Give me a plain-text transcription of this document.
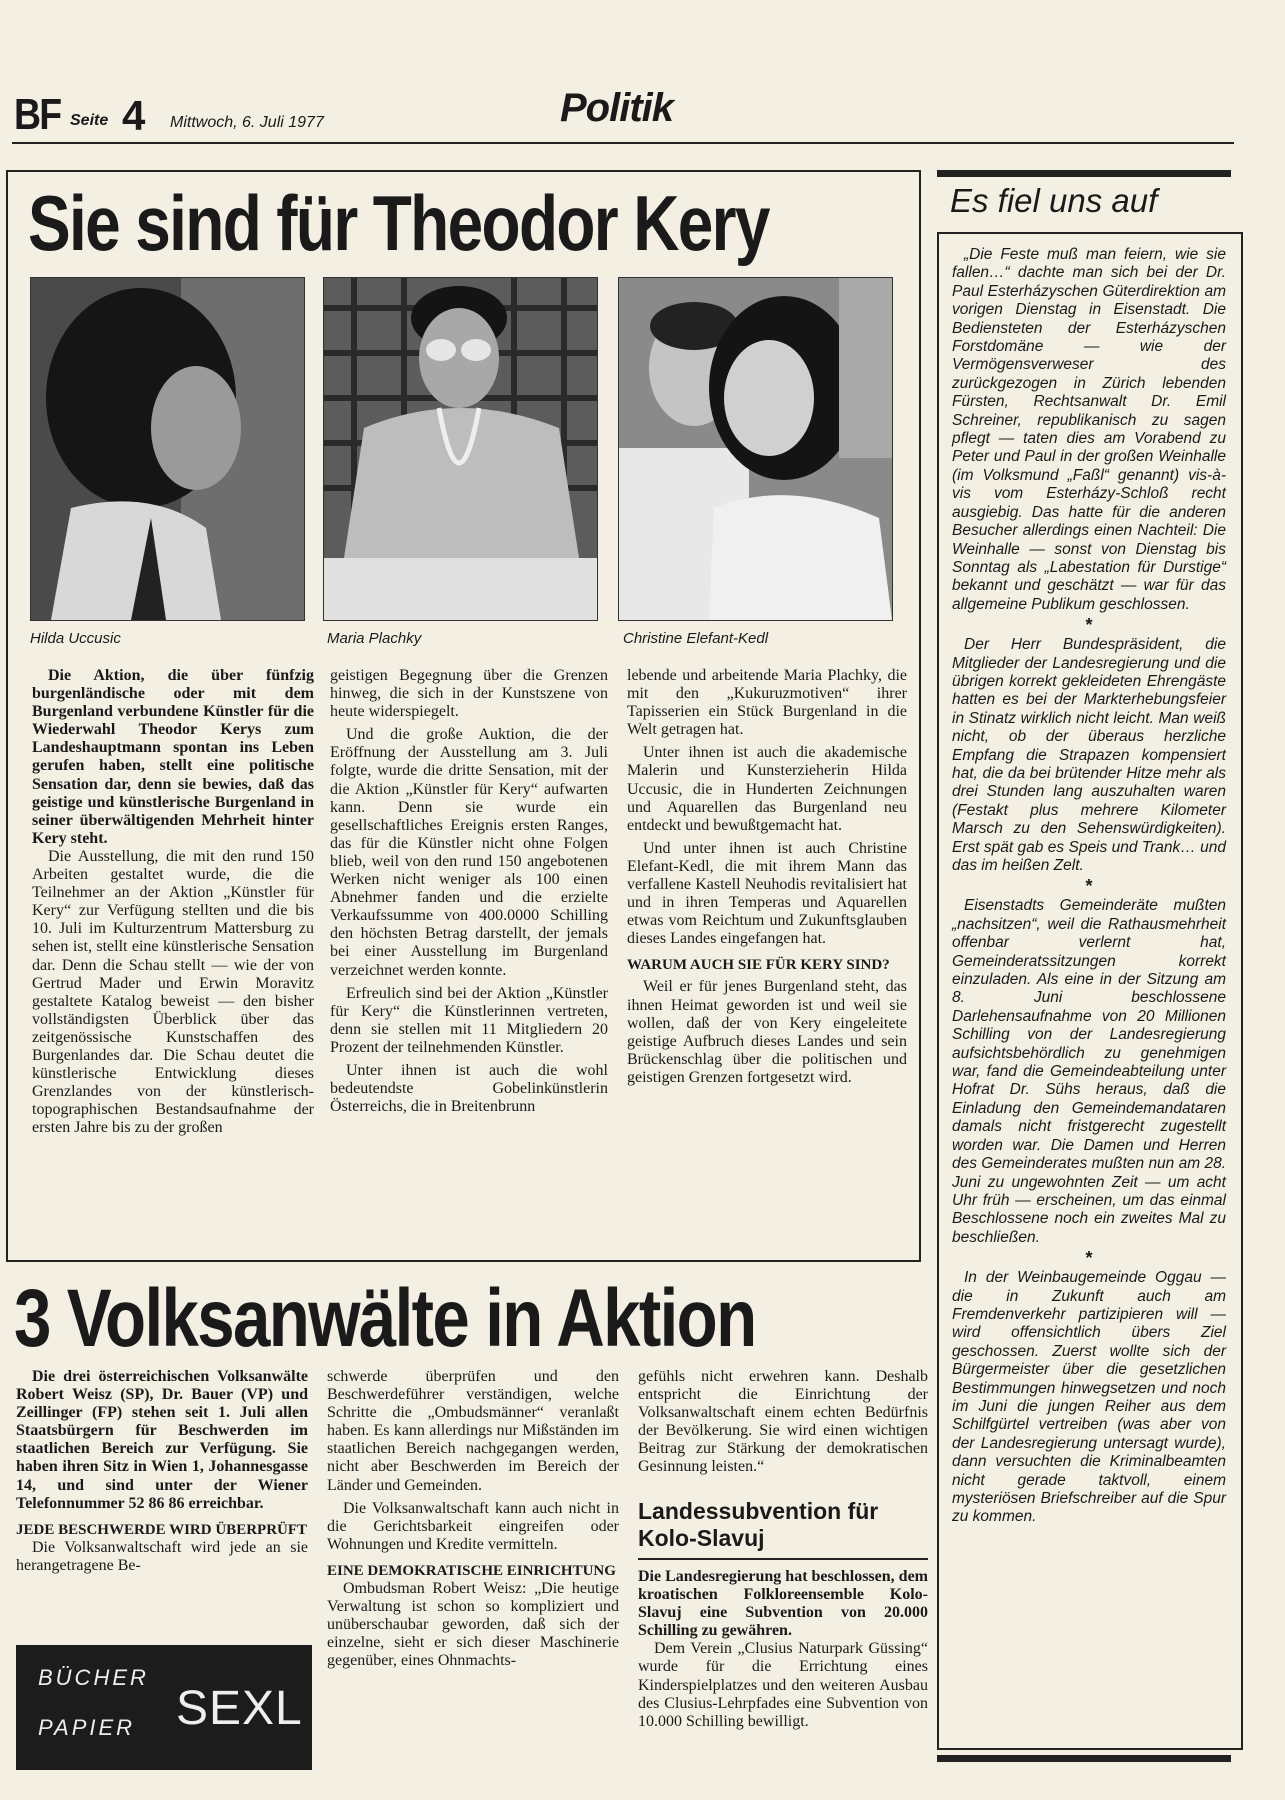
BF Seite 4 Mittwoch, 6. Juli 1977	Politik
Sie sind für Theodor Kery
Hilda Uccusic	Maria Plachky	Christine Elefant-Kedl

Die Aktion, die über fünfzig burgenländische oder mit dem Burgenland verbundene Künstler für die Wiederwahl Theodor Kerys zum Landeshauptmann spontan ins Leben gerufen haben, stellt eine politische Sensation dar, denn sie bewies, daß das geistige und künstlerische Burgenland in seiner überwältigenden Mehrheit hinter Kery steht.

Die Ausstellung, die mit den rund 150 Arbeiten gestaltet wurde, die die Teilnehmer an der Aktion „Künstler für Kery“ zur Verfügung stellten und die bis 10. Juli im Kulturzentrum Mattersburg zu sehen ist, stellt eine künstlerische Sensation dar. Denn die Schau stellt — wie der von Gertrud Mader und Erwin Moravitz gestaltete Katalog beweist — den bisher vollständigsten Überblick über das zeitgenössische Kunstschaffen des Burgenlandes dar. Die Schau deutet die künstlerische Entwicklung dieses Grenzlandes von der künstlerisch-topographischen Bestandsaufnahme der ersten Jahre bis zu der großen

geistigen Begegnung über die Grenzen hinweg, die sich in der Kunstszene von heute widerspiegelt.

Und die große Auktion, die der Eröffnung der Ausstellung am 3. Juli folgte, wurde die dritte Sensation, mit der die Aktion „Künstler für Kery“ aufwarten kann. Denn sie wurde ein gesellschaftliches Ereignis ersten Ranges, das für die Künstler nicht ohne Folgen blieb, weil von den rund 150 angebotenen Werken nicht weniger als 100 einen Abnehmer fanden und die erzielte Verkaufssumme von 400.0000 Schilling den höchsten Betrag darstellt, der jemals bei einer Ausstellung im Burgenland verzeichnet werden konnte.

Erfreulich sind bei der Aktion „Künstler für Kery“ die Künstlerinnen vertreten, denn sie stellen mit 11 Mitgliedern 20 Prozent der teilnehmenden Künstler.

Unter ihnen ist auch die wohl bedeutendste Gobelinkünstlerin Österreichs, die in Breitenbrunn

lebende und arbeitende Maria Plachky, die mit den „Kukuruzmotiven“ ihrer Tapisserien ein Stück Burgenland in die Welt getragen hat.

Unter ihnen ist auch die akademische Malerin und Kunsterzieherin Hilda Uccusic, die in Hunderten Zeichnungen und Aquarellen das Burgenland neu entdeckt und bewußtgemacht hat.

Und unter ihnen ist auch Christine Elefant-Kedl, die mit ihrem Mann das verfallene Kastell Neuhodis revitalisiert hat und in ihren Temperas und Aquarellen etwas vom Reichtum und Zukunftsglauben dieses Landes eingefangen hat.

WARUM AUCH SIE FÜR KERY SIND?

Weil er für jenes Burgenland steht, das ihnen Heimat geworden ist und weil sie wollen, daß der von Kery eingeleitete geistige Aufbruch dieses Landes und sein Brückenschlag über die politischen und geistigen Grenzen fortgesetzt wird.

Es fiel uns auf

„Die Feste muß man feiern, wie sie fallen…“ dachte man sich bei der Dr. Paul Esterházyschen Güterdirektion am vorigen Dienstag in Eisenstadt. Die Bediensteten der Esterházyschen Forstdomäne — wie der Vermögensverweser des zurückgezogen in Zürich lebenden Fürsten, Rechtsanwalt Dr. Emil Schreiner, republikanisch zu sagen pflegt — taten dies am Vorabend zu Peter und Paul in der großen Weinhalle (im Volksmund „Faßl“ genannt) vis-à-vis vom Esterházy-Schloß recht ausgiebig. Das hatte für die anderen Besucher allerdings einen Nachteil: Die Weinhalle — sonst von Dienstag bis Sonntag als „Labestation für Durstige“ bekannt und geschätzt — war für das allgemeine Publikum geschlossen.

*

Der Herr Bundespräsident, die Mitglieder der Landesregierung und die übrigen korrekt gekleideten Ehrengäste hatten es bei der Markterhebungsfeier in Stinatz wirklich nicht leicht. Man weiß nicht, ob der überaus herzliche Empfang die Strapazen kompensiert hat, die da bei brütender Hitze mehr als drei Stunden lang auszuhalten waren (Festakt plus mehrere Kilometer Marsch zu den Sehenswürdigkeiten). Erst spät gab es Speis und Trank… und das im heißen Zelt.

*

Eisenstadts Gemeinderäte mußten „nachsitzen“, weil die Rathausmehrheit offenbar verlernt hat, Gemeinderatssitzungen korrekt einzuladen. Als eine in der Sitzung am 8. Juni beschlossene Darlehensaufnahme von 20 Millionen Schilling von der Landesregierung aufsichtsbehördlich zu genehmigen war, fand die Gemeindeabteilung unter Hofrat Dr. Sühs heraus, daß die Einladung den Gemeindemandataren damals nicht fristgerecht zugestellt worden war. Die Damen und Herren des Gemeinderates mußten nun am 28. Juni zu ungewohnten Zeit — um acht Uhr früh — erscheinen, um das einmal Beschlossene noch ein zweites Mal zu beschließen.

*

In der Weinbaugemeinde Oggau — die in Zukunft auch am Fremdenverkehr partizipieren will — wird offensichtlich übers Ziel geschossen. Zuerst wollte sich der Bürgermeister über die gesetzlichen Bestimmungen hinwegsetzen und noch im Juni die jungen Reiher aus dem Schilfgürtel vertreiben (was aber von der Landesregierung untersagt wurde), dann versuchten die Kriminalbeamten nicht gerade taktvoll, einem mysteriösen Briefschreiber auf die Spur zu kommen.

3 Volksanwälte in Aktion

Die drei österreichischen Volksanwälte Robert Weisz (SP), Dr. Bauer (VP) und Zeillinger (FP) stehen seit 1. Juli allen Staatsbürgern für Beschwerden im staatlichen Bereich zur Verfügung. Sie haben ihren Sitz in Wien 1, Johannesgasse 14, und sind unter der Wiener Telefonnummer 52 86 86 erreichbar.

JEDE BESCHWERDE WIRD ÜBERPRÜFT

Die Volksanwaltschaft wird jede an sie herangetragene Be-

schwerde überprüfen und den Beschwerdeführer verständigen, welche Schritte die „Ombudsmänner“ veranlaßt haben. Es kann allerdings nur Mißständen im staatlichen Bereich nachgegangen werden, nicht aber Beschwerden im Bereich der Länder und Gemeinden.

Die Volksanwaltschaft kann auch nicht in die Gerichtsbarkeit eingreifen oder Wohnungen und Kredite vermitteln.

EINE DEMOKRATISCHE EINRICHTUNG

Ombudsman Robert Weisz: „Die heutige Verwaltung ist schon so kompliziert und unüberschaubar geworden, daß sich der einzelne, sieht er sich dieser Maschinerie gegenüber, eines Ohnmachts-

gefühls nicht erwehren kann. Deshalb entspricht die Einrichtung der Volksanwaltschaft einem echten Bedürfnis der Bevölkerung. Sie wird einen wichtigen Beitrag zur Stärkung der demokratischen Gesinnung leisten.“

Landessubvention für Kolo-Slavuj

Die Landesregierung hat beschlossen, dem kroatischen Folkloreensemble Kolo-Slavuj eine Subvention von 20.000 Schilling zu gewähren.

Dem Verein „Clusius Naturpark Güssing“ wurde für die Errichtung eines Kinderspielplatzes und den weiteren Ausbau des Clusius-Lehrpfades eine Subvention von 10.000 Schilling bewilligt.

BÜCHER
PAPIER SEXL
